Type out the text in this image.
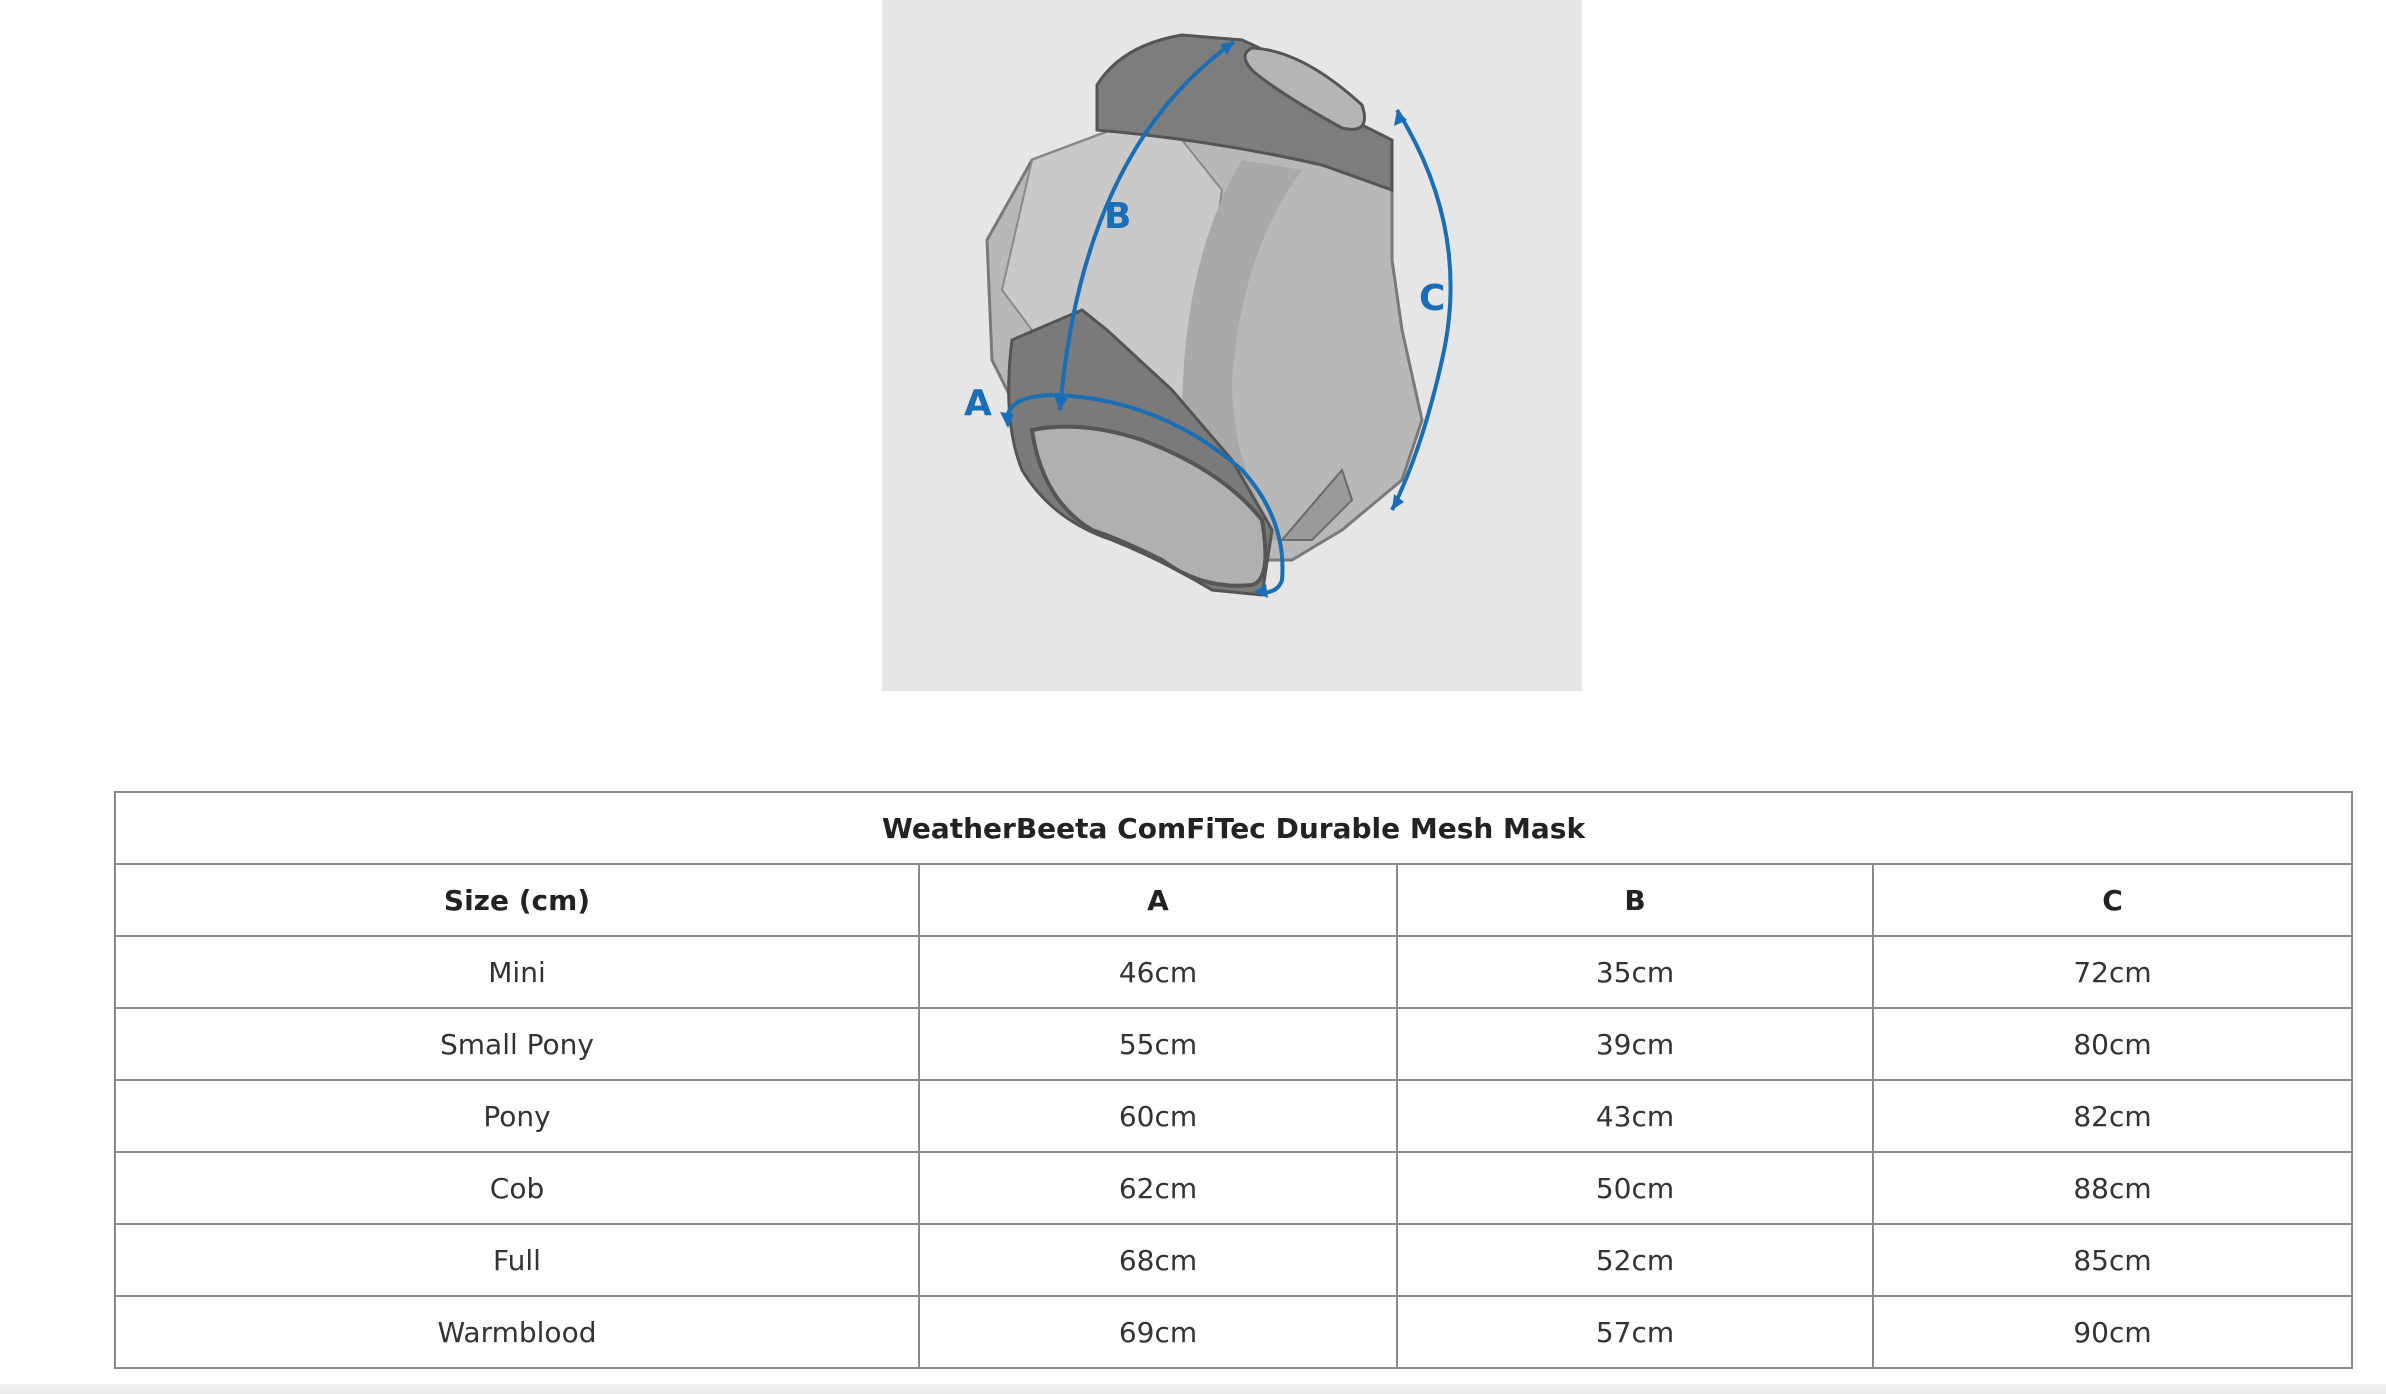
A
B
C
WeatherBeeta ComFiTec Durable Mesh Mask			
Size (cm)	A	B	C
Mini	46cm	35cm	72cm
Small Pony	55cm	39cm	80cm
Pony	60cm	43cm	82cm
Cob	62cm	50cm	88cm
Full	68cm	52cm	85cm
Warmblood	69cm	57cm	90cm
